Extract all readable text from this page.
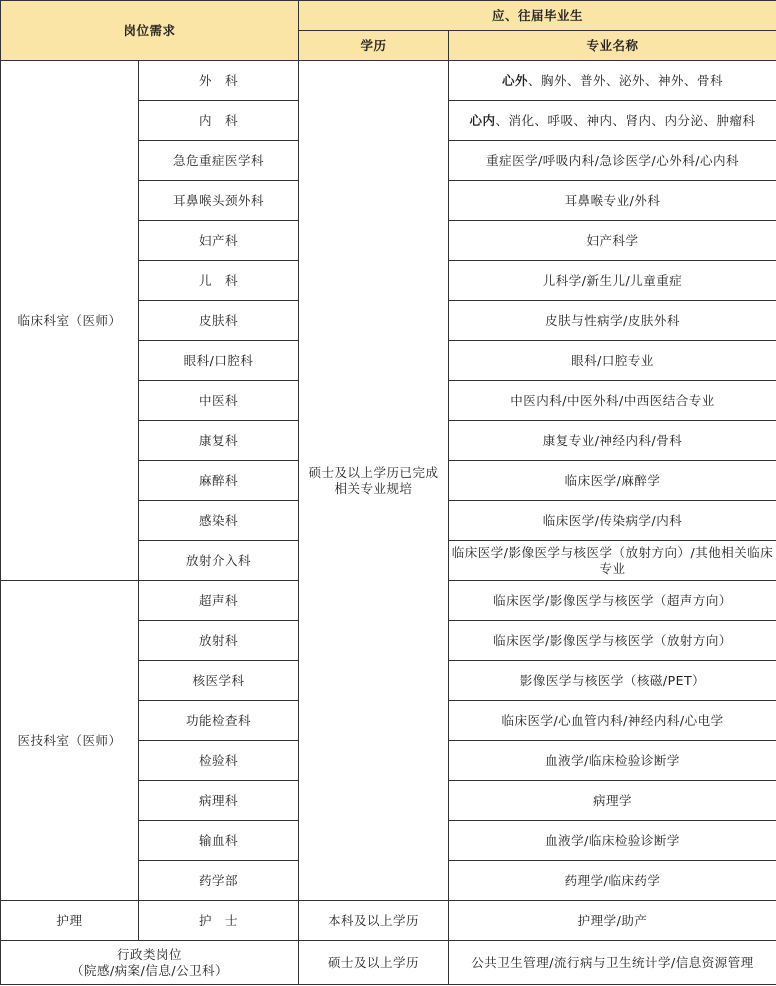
岗位需求		应、往届毕业生	
		学历	专业名称
临床科室（医师）	外　科	硕士及以上学历已完成相关专业规培	心外、胸外、普外、泌外、神外、骨科
	内　科		心内、消化、呼吸、神内、肾内、内分泌、肿瘤科
	急危重症医学科		重症医学/呼吸内科/急诊医学/心外科/心内科
	耳鼻喉头颈外科		耳鼻喉专业/外科
	妇产科		妇产科学
	儿　科		儿科学/新生儿/儿童重症
	皮肤科		皮肤与性病学/皮肤外科
	眼科/口腔科		眼科/口腔专业
	中医科		中医内科/中医外科/中西医结合专业
	康复科		康复专业/神经内科/骨科
	麻醉科		临床医学/麻醉学
	感染科		临床医学/传染病学/内科
	放射介入科		临床医学/影像医学与核医学（放射方向）/其他相关临床专业
医技科室（医师）	超声科		临床医学/影像医学与核医学（超声方向）
	放射科		临床医学/影像医学与核医学（放射方向）
	核医学科		影像医学与核医学（核磁/PET）
	功能检查科		临床医学/心血管内科/神经内科/心电学
	检验科		血液学/临床检验诊断学
	病理科		病理学
	输血科		血液学/临床检验诊断学
	药学部		药理学/临床药学
护理	护　士	本科及以上学历	护理学/助产

行政类岗位
（院感/病案/信息/公卫科）		硕士及以上学历	公共卫生管理/流行病与卫生统计学/信息资源管理
